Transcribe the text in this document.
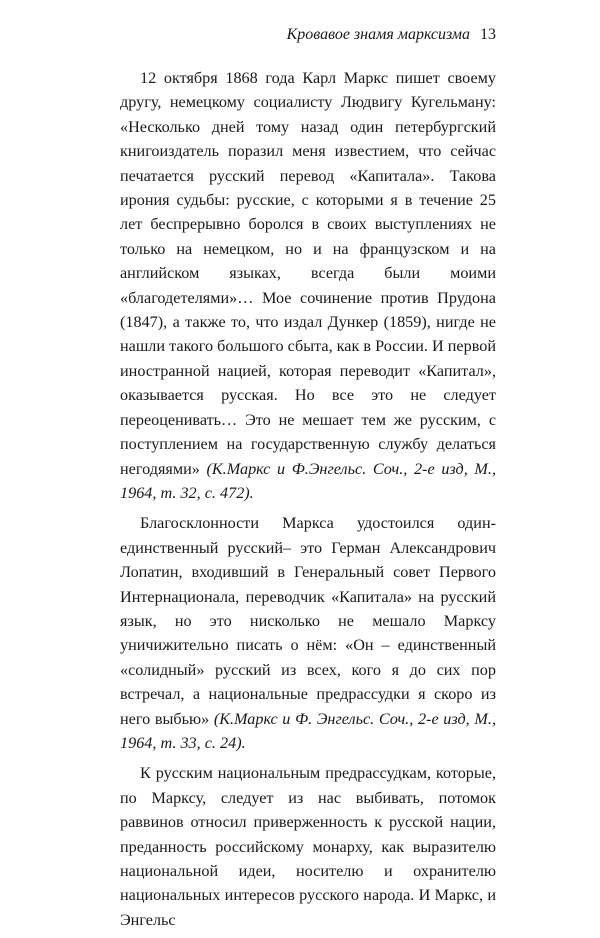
Кровавое знамя марксизма 13

12 октября 1868 года Карл Маркс пишет своему другу, немецкому социалисту Людвигу Кугельману: «Несколько дней тому назад один петербургский книгоиздатель поразил меня известием, что сейчас печатается русский перевод «Капитала». Такова ирония судьбы: русские, с которыми я в течение 25 лет беспрерывно боролся в своих выступлениях не только на немецком, но и на французском и на английском языках, всегда были моими «благодетелями»… Мое сочинение против Прудона (1847), а также то, что издал Дункер (1859), нигде не нашли такого большого сбыта, как в России. И первой иностранной нацией, которая переводит «Капитал», оказывается русская. Но все это не следует переоценивать… Это не мешает тем же русским, с поступлением на государственную службу делаться негодяями» (К.Маркс и Ф.Энгельс. Соч., 2-е изд, М., 1964, т. 32, с. 472).

Благосклонности Маркса удостоился один-единственный русский– это Герман Александрович Лопатин, входивший в Генеральный совет Первого Интернационала, переводчик «Капитала» на русский язык, но это нисколько не мешало Марксу уничижительно писать о нём: «Он – единственный «солидный» русский из всех, кого я до сих пор встречал, а национальные предрассудки я скоро из него выбью» (К.Маркс и Ф. Энгельс. Соч., 2-е изд, М., 1964, т. 33, с. 24).

К русским национальным предрассудкам, которые, по Марксу, следует из нас выбивать, потомок раввинов относил приверженность к русской нации, преданность российскому монарху, как выразителю национальной идеи, носителю и охранителю национальных интересов русского народа. И Маркс, и Энгельс
